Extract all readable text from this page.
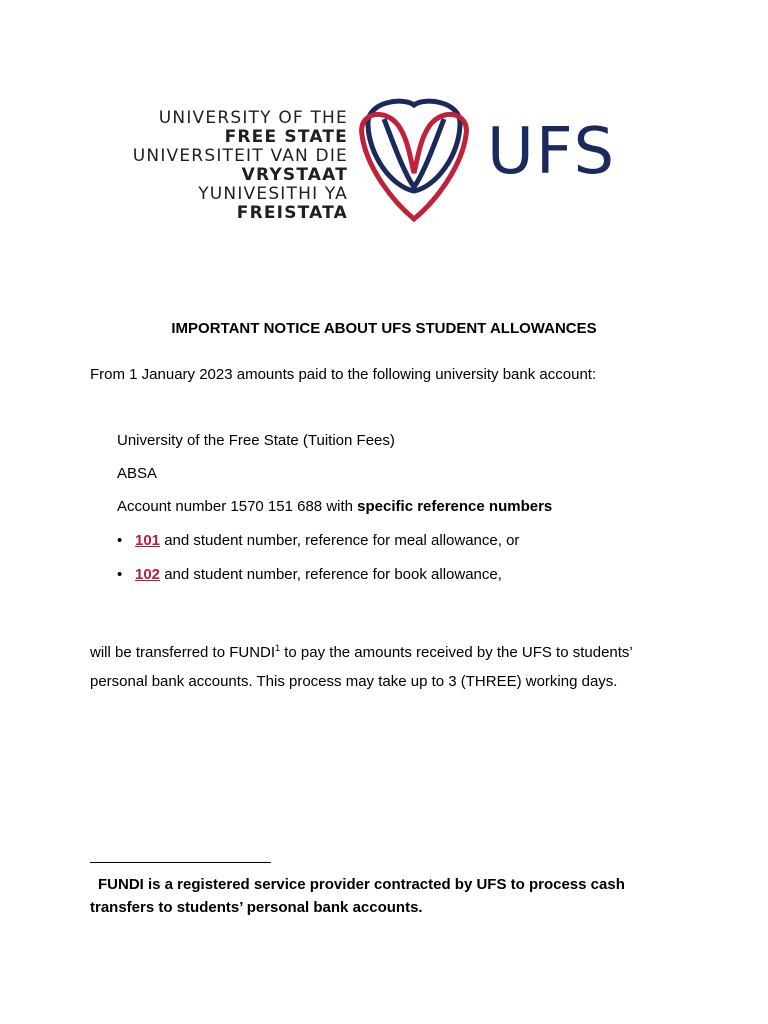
UNIVERSITY OF THE
FREE STATE
UNIVERSITEIT VAN DIE
VRYSTAAT
YUNIVESITHI YA
FREISTATA
UFS
IMPORTANT NOTICE ABOUT UFS STUDENT ALLOWANCES
From 1 January 2023 amounts paid to the following university bank account:
University of the Free State (Tuition Fees)
ABSA
Account number 1570 151 688 with specific reference numbers
• 101 and student number, reference for meal allowance, or
• 102 and student number, reference for book allowance,
will be transferred to FUNDI$^1$ to pay the amounts received by the UFS to students’
personal bank accounts. This process may take up to 3 (THREE) working days.
FUNDI is a registered service provider contracted by UFS to process cash
transfers to students’ personal bank accounts.
